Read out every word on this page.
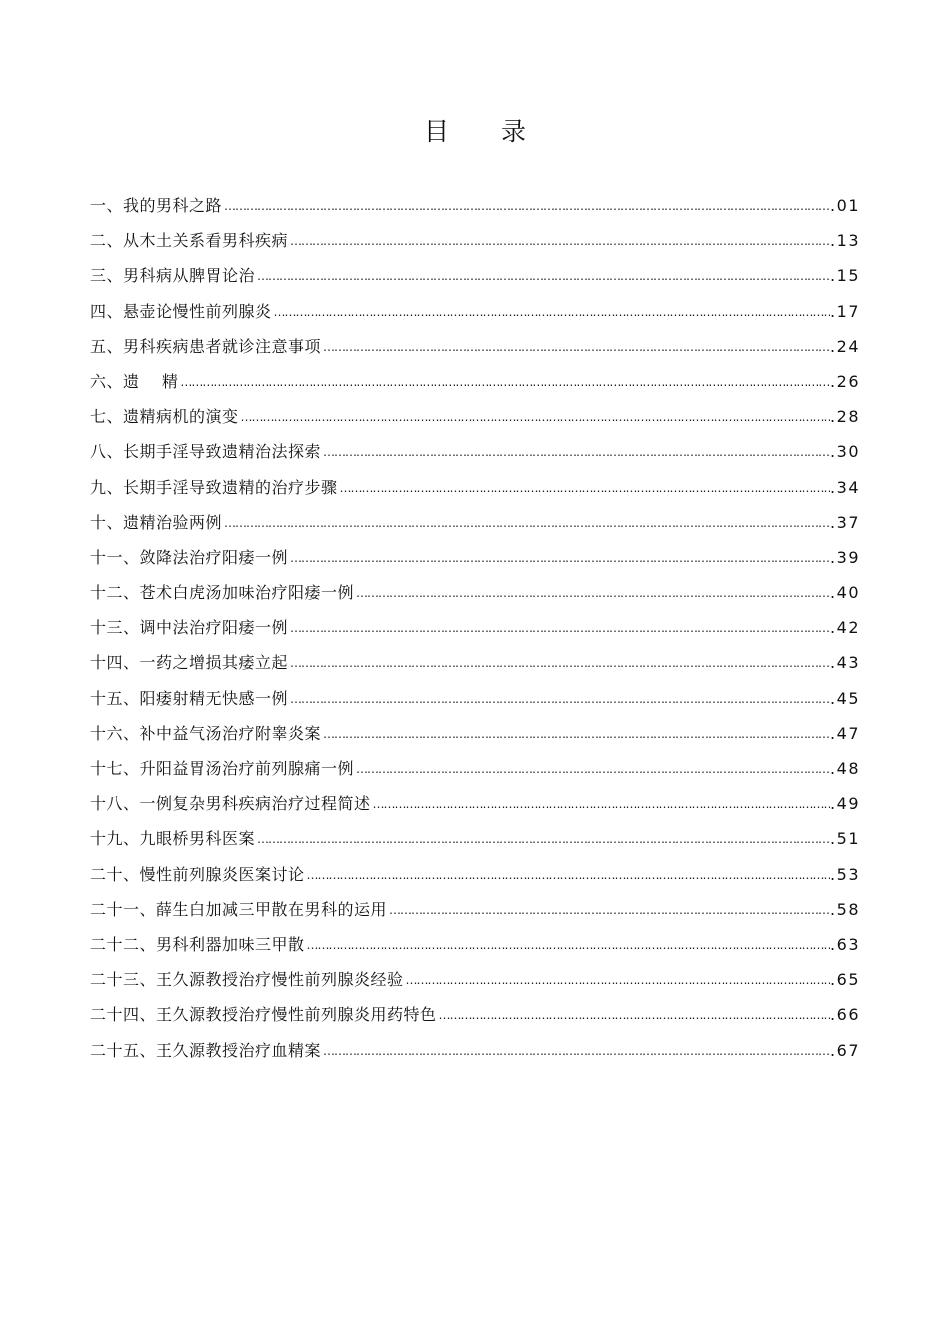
目 录
一、我的男科之路 ……………………………………………………………………………………………………………………………………………………………………………………………………………………	.01
二、从木土关系看男科疾病 ……………………………………………………………………………………………………………………………………………………………………………………………………………………	.13
三、男科病从脾胃论治 ……………………………………………………………………………………………………………………………………………………………………………………………………………………	.15
四、悬壶论慢性前列腺炎 ……………………………………………………………………………………………………………………………………………………………………………………………………………………	.17
五、男科疾病患者就诊注意事项 ……………………………………………………………………………………………………………………………………………………………………………………………………………………	.24
六、遗    精 ……………………………………………………………………………………………………………………………………………………………………………………………………………………	.26
七、遗精病机的演变 ……………………………………………………………………………………………………………………………………………………………………………………………………………………	.28
八、长期手淫导致遗精治法探索 ……………………………………………………………………………………………………………………………………………………………………………………………………………………	.30
九、长期手淫导致遗精的治疗步骤 ……………………………………………………………………………………………………………………………………………………………………………………………………………………	.34
十、遗精治验两例 ……………………………………………………………………………………………………………………………………………………………………………………………………………………	.37
十一、敛降法治疗阳痿一例 ……………………………………………………………………………………………………………………………………………………………………………………………………………………	.39
十二、苍术白虎汤加味治疗阳痿一例 ……………………………………………………………………………………………………………………………………………………………………………………………………………………	.40
十三、调中法治疗阳痿一例 ……………………………………………………………………………………………………………………………………………………………………………………………………………………	.42
十四、一药之增损其痿立起 ……………………………………………………………………………………………………………………………………………………………………………………………………………………	.43
十五、阳痿射精无快感一例 ……………………………………………………………………………………………………………………………………………………………………………………………………………………	.45
十六、补中益气汤治疗附睾炎案 ……………………………………………………………………………………………………………………………………………………………………………………………………………………	.47
十七、升阳益胃汤治疗前列腺痛一例 ……………………………………………………………………………………………………………………………………………………………………………………………………………………	.48
十八、一例复杂男科疾病治疗过程简述 ……………………………………………………………………………………………………………………………………………………………………………………………………………………	.49
十九、九眼桥男科医案 ……………………………………………………………………………………………………………………………………………………………………………………………………………………	.51
二十、慢性前列腺炎医案讨论 ……………………………………………………………………………………………………………………………………………………………………………………………………………………	.53
二十一、薛生白加减三甲散在男科的运用 ……………………………………………………………………………………………………………………………………………………………………………………………………………………	.58
二十二、男科利器加味三甲散 ……………………………………………………………………………………………………………………………………………………………………………………………………………………	.63
二十三、王久源教授治疗慢性前列腺炎经验 ……………………………………………………………………………………………………………………………………………………………………………………………………………………	.65
二十四、王久源教授治疗慢性前列腺炎用药特色 ……………………………………………………………………………………………………………………………………………………………………………………………………………………	.66
二十五、王久源教授治疗血精案 ……………………………………………………………………………………………………………………………………………………………………………………………………………………	.67
